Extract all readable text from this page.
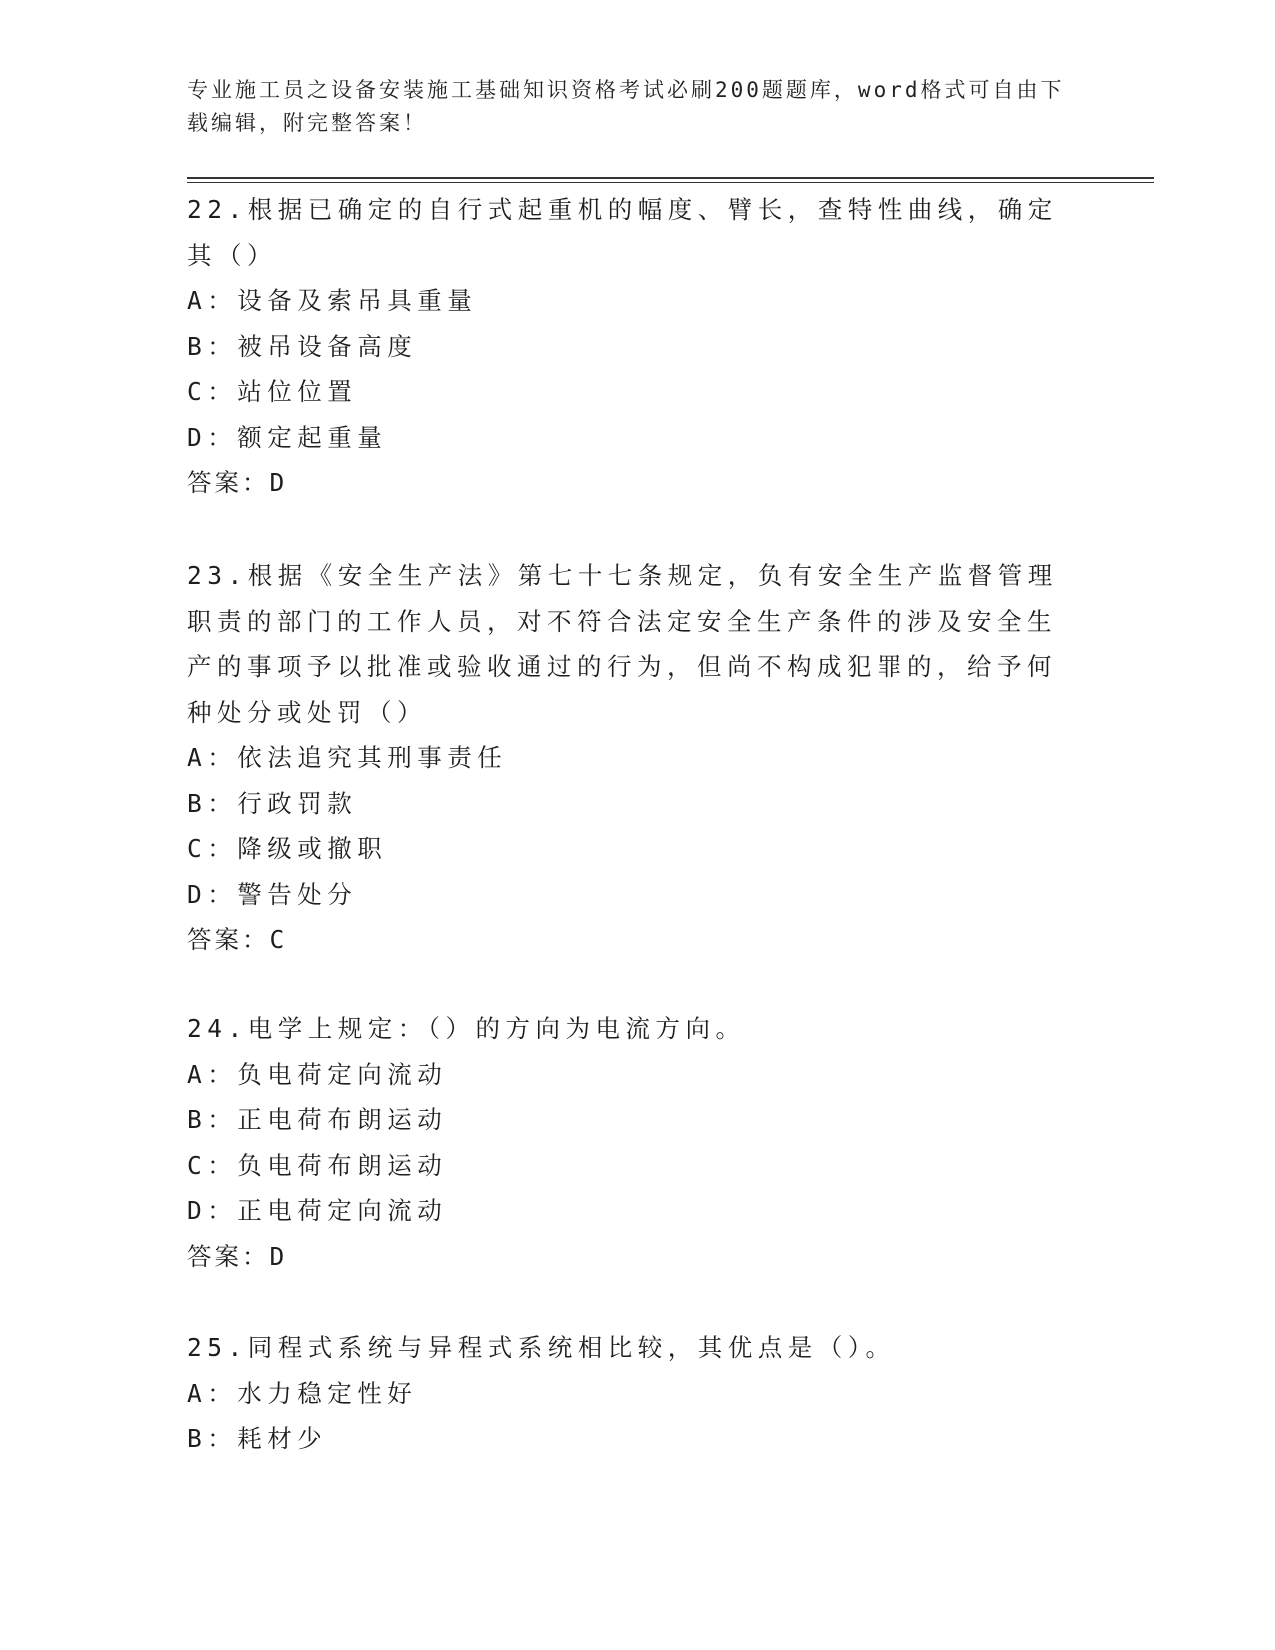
专业施工员之设备安装施工基础知识资格考试必刷200题题库，word格式可自由下载编辑，附完整答案！
22.根据已确定的自行式起重机的幅度、臂长，查特性曲线，确定其（）
A：设备及索吊具重量
B：被吊设备高度
C：站位位置
D：额定起重量
答案：D
23.根据《安全生产法》第七十七条规定，负有安全生产监督管理职责的部门的工作人员，对不符合法定安全生产条件的涉及安全生产的事项予以批准或验收通过的行为，但尚不构成犯罪的，给予何种处分或处罚（）
A：依法追究其刑事责任
B：行政罚款
C：降级或撤职
D：警告处分
答案：C
24.电学上规定：（）的方向为电流方向。
A：负电荷定向流动
B：正电荷布朗运动
C：负电荷布朗运动
D：正电荷定向流动
答案：D
25.同程式系统与异程式系统相比较，其优点是（）。
A：水力稳定性好
B：耗材少
